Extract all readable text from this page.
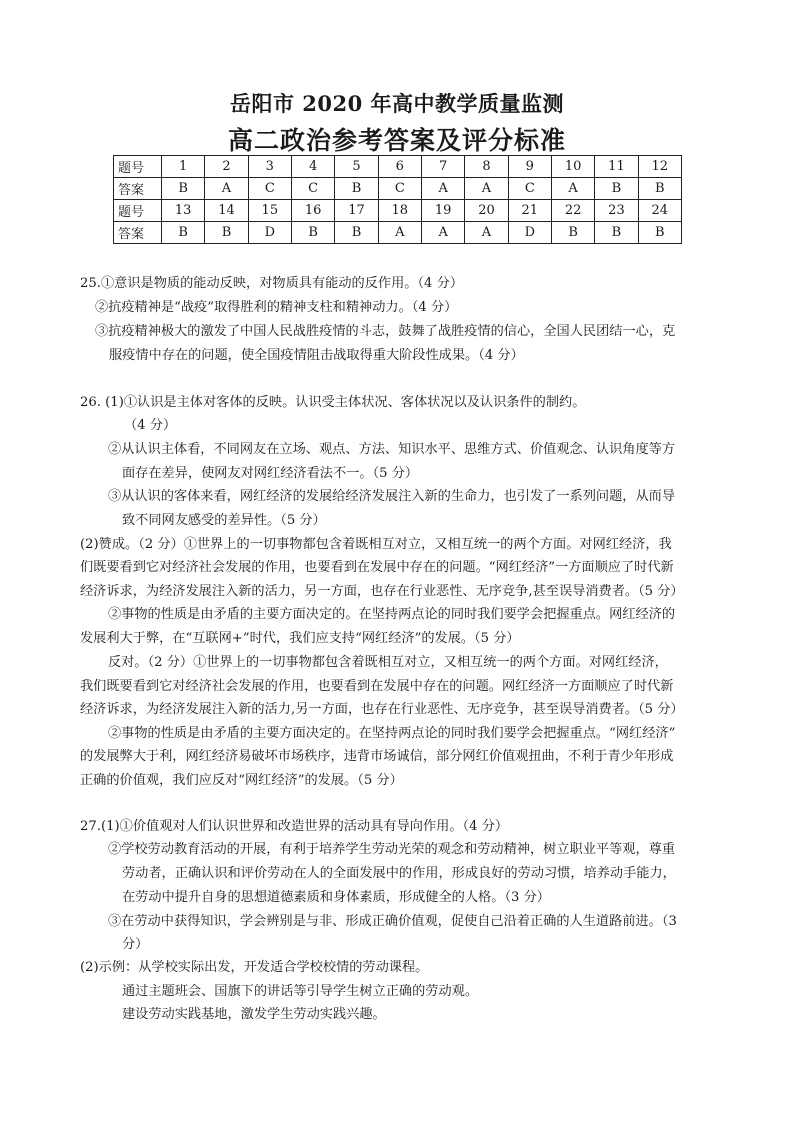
岳阳市 2020 年高中教学质量监测
高二政治参考答案及评分标准
题号	1	2	3	4	5	6	7	8	9	10	11	12
答案	B	A	C	C	B	C	A	A	C	A	B	B
题号	13	14	15	16	17	18	19	20	21	22	23	24
答案	B	B	D	B	B	A	A	A	D	B	B	B
25.①意识是物质的能动反映，对物质具有能动的反作用。（4 分）
②抗疫精神是“战疫”取得胜利的精神支柱和精神动力。（4 分）
③抗疫精神极大的激发了中国人民战胜疫情的斗志，鼓舞了战胜疫情的信心，全国人民团结一心，克
服疫情中存在的问题，使全国疫情阻击战取得重大阶段性成果。（4 分）
26. (1)①认识是主体对客体的反映。认识受主体状况、客体状况以及认识条件的制约。
（4 分）
②从认识主体看，不同网友在立场、观点、方法、知识水平、思维方式、价值观念、认识角度等方
面存在差异，使网友对网红经济看法不一。（5 分）
③从认识的客体来看，网红经济的发展给经济发展注入新的生命力，也引发了一系列问题，从而导
致不同网友感受的差异性。（5 分）
(2)赞成。（2 分）①世界上的一切事物都包含着既相互对立，又相互统一的两个方面。对网红经济，我
们既要看到它对经济社会发展的作用，也要看到在发展中存在的问题。“网红经济”一方面顺应了时代新
经济诉求，为经济发展注入新的活力，另一方面，也存在行业恶性、无序竞争,甚至误导消费者。（5 分）
②事物的性质是由矛盾的主要方面决定的。在坚持两点论的同时我们要学会把握重点。网红经济的
发展利大于弊，在“互联网+”时代，我们应支持“网红经济”的发展。（5 分）
反对。（2 分）①世界上的一切事物都包含着既相互对立，又相互统一的两个方面。对网红经济，
我们既要看到它对经济社会发展的作用，也要看到在发展中存在的问题。网红经济一方面顺应了时代新
经济诉求，为经济发展注入新的活力,另一方面，也存在行业恶性、无序竞争，甚至误导消费者。（5 分）
②事物的性质是由矛盾的主要方面决定的。在坚持两点论的同时我们要学会把握重点。“网红经济”
的发展弊大于利，网红经济易破坏市场秩序，违背市场诚信，部分网红价值观扭曲，不利于青少年形成
正确的价值观，我们应反对“网红经济”的发展。（5 分）
27.(1)①价值观对人们认识世界和改造世界的活动具有导向作用。（4 分）
②学校劳动教育活动的开展，有利于培养学生劳动光荣的观念和劳动精神，树立职业平等观，尊重
劳动者，正确认识和评价劳动在人的全面发展中的作用，形成良好的劳动习惯，培养动手能力，
在劳动中提升自身的思想道德素质和身体素质，形成健全的人格。（3 分）
③在劳动中获得知识，学会辨别是与非、形成正确价值观，促使自己沿着正确的人生道路前进。（3
分）
(2)示例：从学校实际出发，开发适合学校校情的劳动课程。
通过主题班会、国旗下的讲话等引导学生树立正确的劳动观。
建设劳动实践基地，激发学生劳动实践兴趣。
